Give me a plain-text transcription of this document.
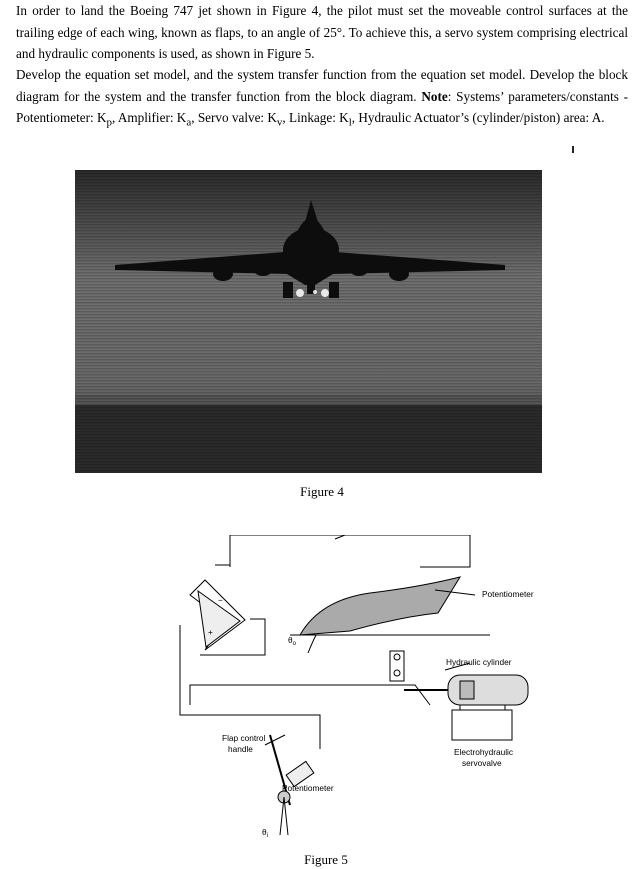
In order to land the Boeing 747 jet shown in Figure 4, the pilot must set the moveable control surfaces at the trailing edge of each wing, known as flaps, to an angle of 25°. To achieve this, a servo system comprising electrical and hydraulic components is used, as shown in Figure 5.

Develop the equation set model, and the system transfer function from the equation set model. Develop the block diagram for the system and the transfer function from the block diagram. Note: Systems’ parameters/constants - Potentiometer: $K_p$, Amplifier: $K_a$, Servo valve: $K_v$, Linkage: $K_l$, Hydraulic Actuator’s (cylinder/piston) area: A.

Figure 4
Potentiometer
Hydraulic cylinder
Electrohydraulic
servovalve
Flap control
handle
Potentiometer
$\theta_o$
$\theta_i$
+
−
Figure 5
